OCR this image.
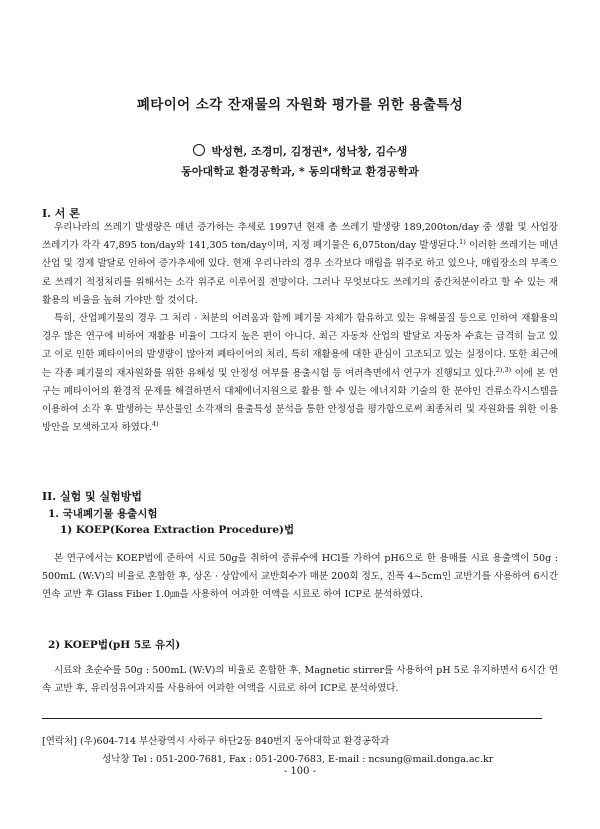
폐타이어 소각 잔재물의 자원화 평가를 위한 용출특성
박성현, 조경미, 김정권*, 성낙창, 김수생
동아대학교 환경공학과, * 동의대학교 환경공학과
I. 서 론

우리나라의 쓰레기 발생량은 매년 증가하는 추세로 1997년 현재 총 쓰레기 발생량 189,200ton/day 중 생활 및 사업장 쓰레기가 각각 47,895 ton/day와 141,305 ton/day이며, 지정 폐기물은 6,075ton/day 발생된다.$^{1)}$ 이러한 쓰레기는 매년 산업 및 경제 발달로 인하여 증가추세에 있다. 현재 우리나라의 경우 소각보다 매립을 위주로 하고 있으나, 매립장소의 부족으로 쓰레기 적정처리를 위해서는 소각 위주로 이루어질 전망이다. 그러나 무엇보다도 쓰레기의 중간처분이라고 할 수 있는 재활용의 비율을 높혀 가야만 할 것이다.

특히, 산업폐기물의 경우 그 처리 · 처분의 어려움과 함께 폐기물 자체가 함유하고 있는 유해물질 등으로 인하여 재활용의 경우 많은 연구에 비하여 재활용 비율이 그다지 높은 편이 아니다. 최근 자동차 산업의 발달로 자동차 수효는 급격히 늘고 있고 이로 인한 폐타이어의 발생량이 많아져 폐타이어의 처리, 특히 재활용에 대한 관심이 고조되고 있는 실정이다. 또한 최근에는 각종 폐기물의 재자원화를 위한 유해성 및 안정성 여부를 용출시험 등 여러측면에서 연구가 진행되고 있다.$^{2),3)}$ 이에 본 연구는 폐타이어의 환경적 문제를 해결하면서 대체에너지원으로 활용 할 수 있는 에너지화 기술의 한 분야인 건류소각시스템을 이용하여 소각 후 발생하는 부산물인 소각재의 용출특성 분석을 통한 안정성을 평가함으로써 최종처리 및 자원화를 위한 이용방안을 모색하고자 하였다.$^{4)}$

II. 실험 및 실험방법
1. 국내폐기물 용출시험
1) KOEP(Korea Extraction Procedure)법

본 연구에서는 KOEP법에 준하여 시료 50g을 취하여 증류수에 HCl를 가하여 pH6으로 한 용매를 시료 용출액이 50g : 500mL (W:V)의 비율로 혼합한 후, 상온 · 상압에서 교반회수가 매분 200회 정도, 진폭 4~5cm인 교반기를 사용하여 6시간 연속 교반 후 Glass Fiber 1.0㎛을 사용하여 여과한 여액을 시료로 하여 ICP로 분석하였다.

2) KOEP법(pH 5로 유지)

시료와 초순수를 50g : 500mL (W:V)의 비율로 혼합한 후, Magnetic stirrer를 사용하여 pH 5로 유지하면서 6시간 연속 교반 후, 유리섬유여과지를 사용하여 여과한 여액을 시료로 하여 ICP로 분석하였다.

[연락처] (우)604-714 부산광역시 사하구 하단2동 840번지 동아대학교 환경공학과
성낙창 Tel : 051-200-7681, Fax : 051-200-7683, E-mail : ncsung@mail.donga.ac.kr
- 100 -
